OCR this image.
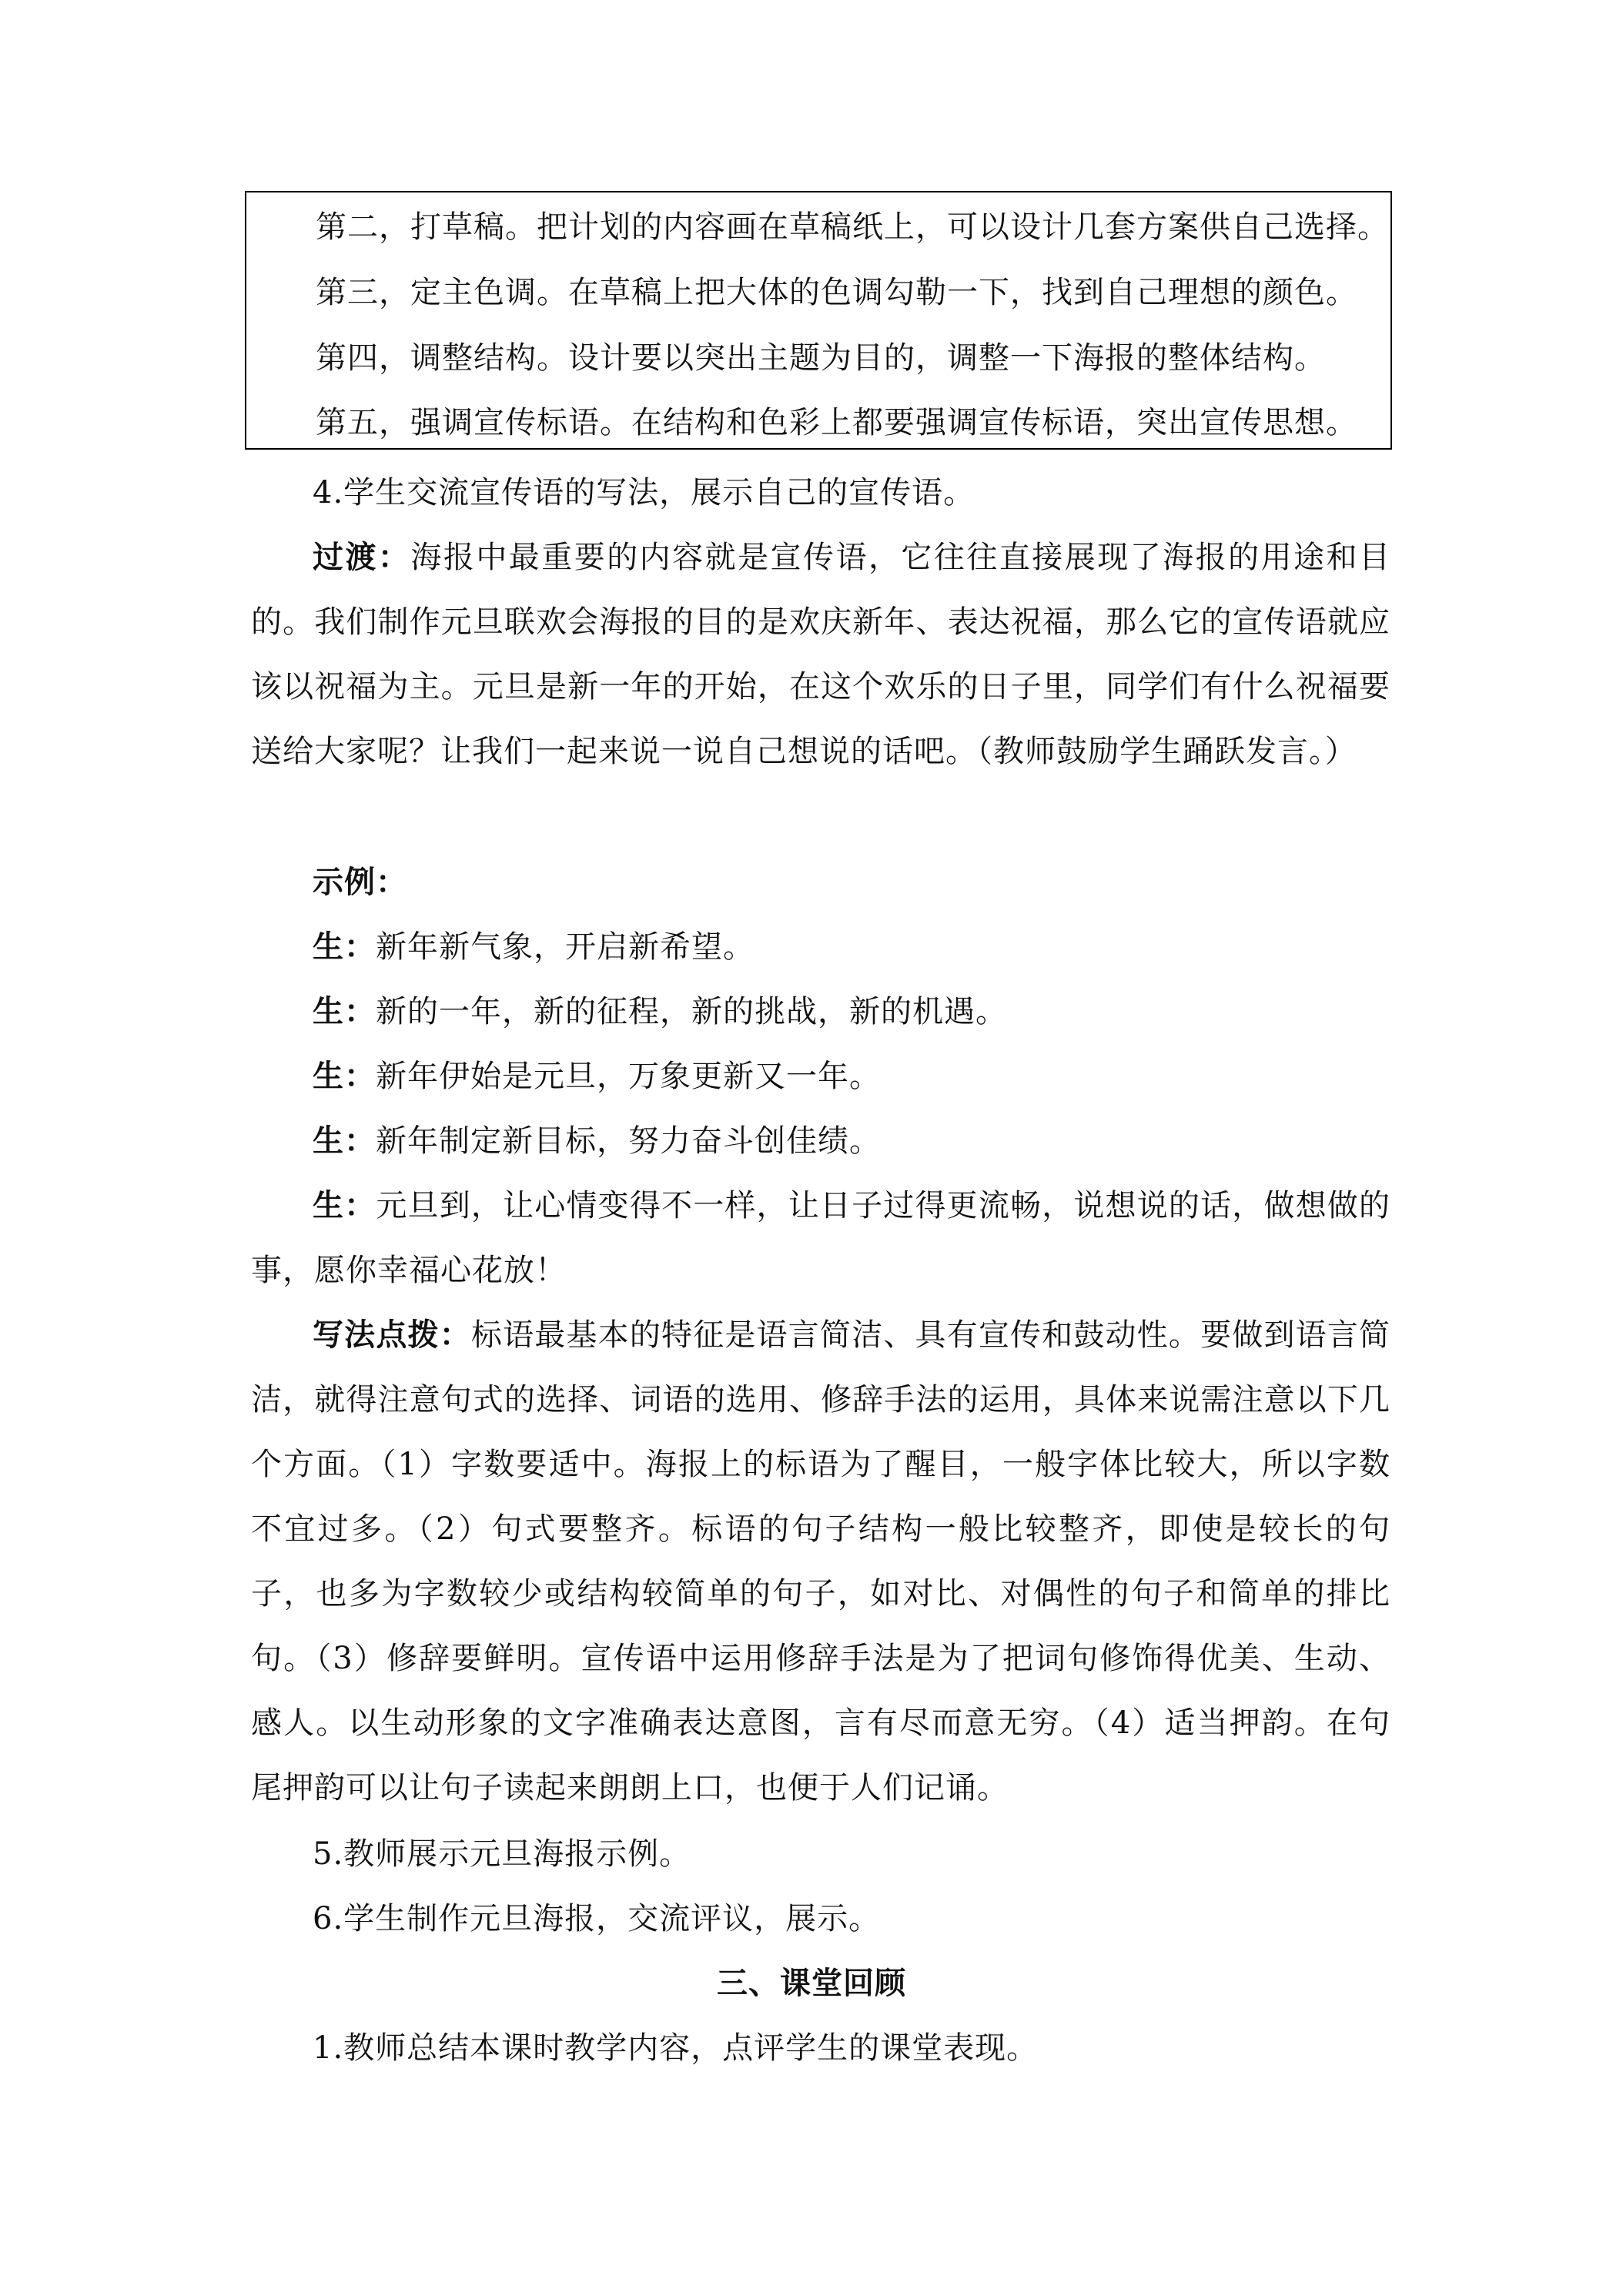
第二，打草稿。把计划的内容画在草稿纸上，可以设计几套方案供自己选择。
第三，定主色调。在草稿上把大体的色调勾勒一下，找到自己理想的颜色。
第四，调整结构。设计要以突出主题为目的，调整一下海报的整体结构。
第五，强调宣传标语。在结构和色彩上都要强调宣传标语，突出宣传思想。

4.学生交流宣传语的写法，展示自己的宣传语。

过渡：海报中最重要的内容就是宣传语，它往往直接展现了海报的用途和目的。我们制作元旦联欢会海报的目的是欢庆新年、表达祝福，那么它的宣传语就应该以祝福为主。元旦是新一年的开始，在这个欢乐的日子里，同学们有什么祝福要送给大家呢？让我们一起来说一说自己想说的话吧。（教师鼓励学生踊跃发言。）

示例：

生：新年新气象，开启新希望。

生：新的一年，新的征程，新的挑战，新的机遇。

生：新年伊始是元旦，万象更新又一年。

生：新年制定新目标，努力奋斗创佳绩。

生：元旦到，让心情变得不一样，让日子过得更流畅，说想说的话，做想做的事，愿你幸福心花放！

写法点拨：标语最基本的特征是语言简洁、具有宣传和鼓动性。要做到语言简洁，就得注意句式的选择、词语的选用、修辞手法的运用，具体来说需注意以下几个方面。（1）字数要适中。海报上的标语为了醒目，一般字体比较大，所以字数不宜过多。（2）句式要整齐。标语的句子结构一般比较整齐，即使是较长的句子，也多为字数较少或结构较简单的句子，如对比、对偶性的句子和简单的排比句。（3）修辞要鲜明。宣传语中运用修辞手法是为了把词句修饰得优美、生动、感人。以生动形象的文字准确表达意图，言有尽而意无穷。（4）适当押韵。在句尾押韵可以让句子读起来朗朗上口，也便于人们记诵。

5.教师展示元旦海报示例。

6.学生制作元旦海报，交流评议，展示。

三、课堂回顾

1.教师总结本课时教学内容，点评学生的课堂表现。
